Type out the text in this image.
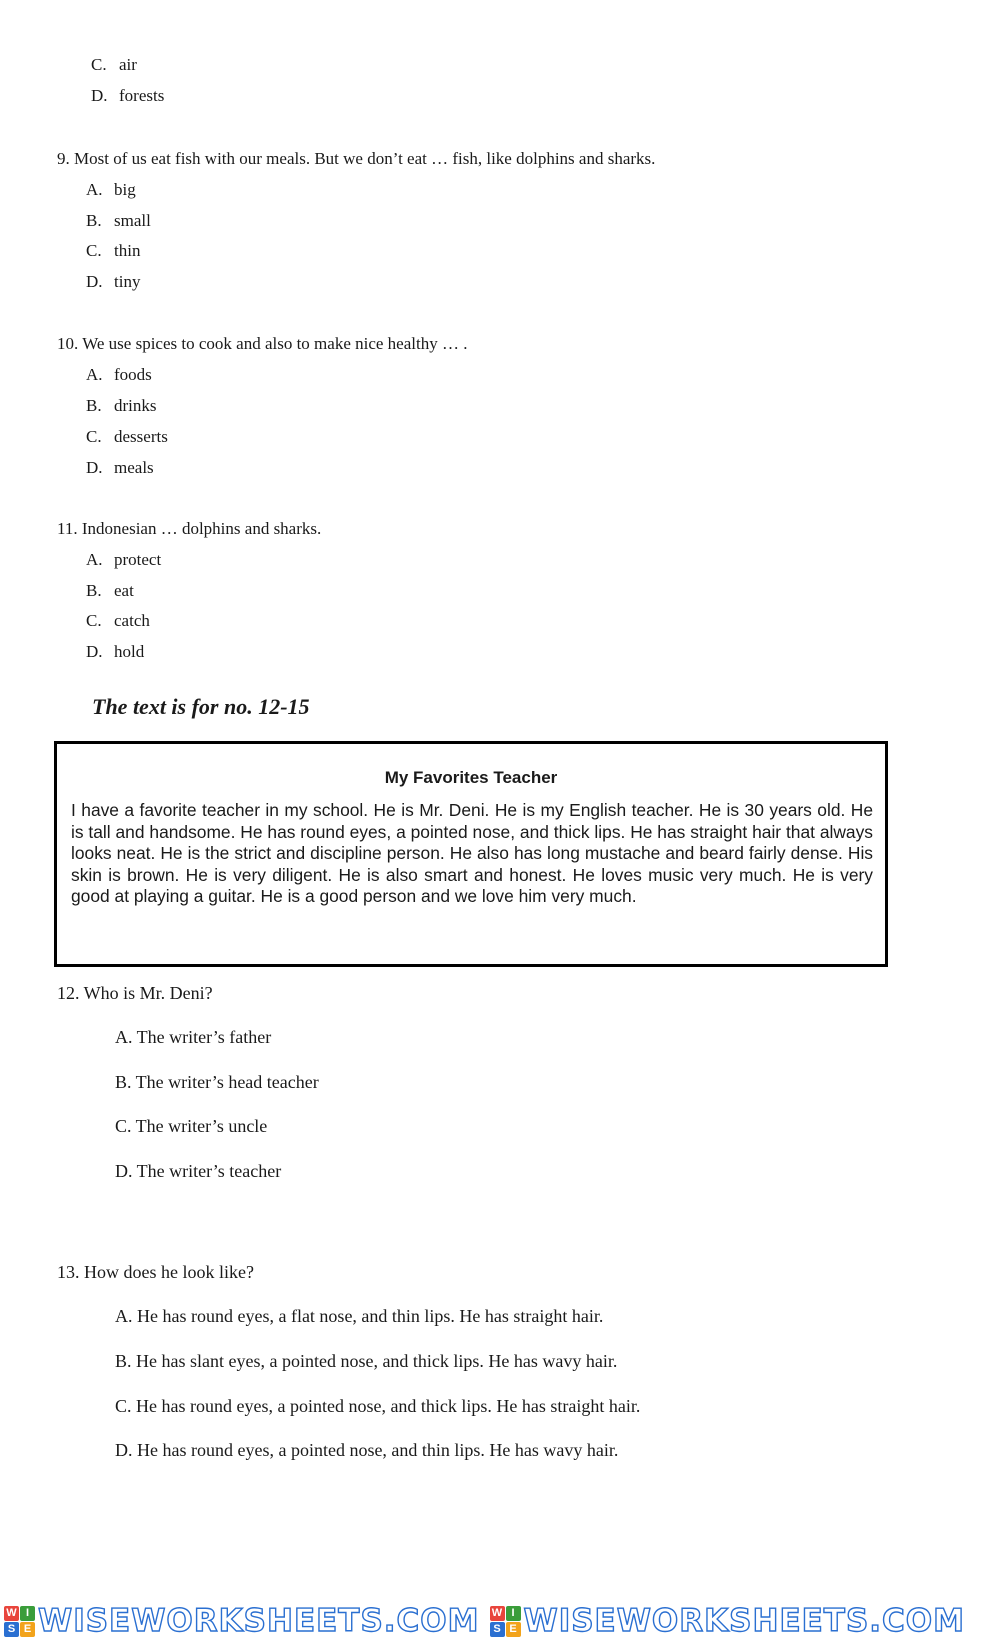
C. air
D. forests
9. Most of us eat fish with our meals. But we don’t eat … fish, like dolphins and sharks.
A. big
B. small
C. thin
D. tiny
10. We use spices to cook and also to make nice healthy … .
A. foods
B. drinks
C. desserts
D. meals
11. Indonesian … dolphins and sharks.
A. protect
B. eat
C. catch
D. hold
The text is for no. 12-15
My Favorites Teacher
I have a favorite teacher in my school. He is Mr. Deni. He is my English teacher. He is 30 years old. He is tall and handsome. He has round eyes, a pointed nose, and thick lips. He has straight hair that always looks neat. He is the strict and discipline person. He also has long mustache and beard fairly dense. His skin is brown. He is very diligent. He is also smart and honest. He loves music very much. He is very good at playing a guitar. He is a good person and we love him very much.
12. Who is Mr. Deni?
A. The writer’s father
B. The writer’s head teacher
C. The writer’s uncle
D. The writer’s teacher
13. How does he look like?
A. He has round eyes, a flat nose, and thin lips. He has straight hair.
B. He has slant eyes, a pointed nose, and thick lips. He has wavy hair.
C. He has round eyes, a pointed nose, and thick lips. He has straight hair.
D. He has round eyes, a pointed nose, and thin lips. He has wavy hair.
W I
S E WISEWORKSHEETS.COM W I
S E WISEWORKSHEETS.COM
